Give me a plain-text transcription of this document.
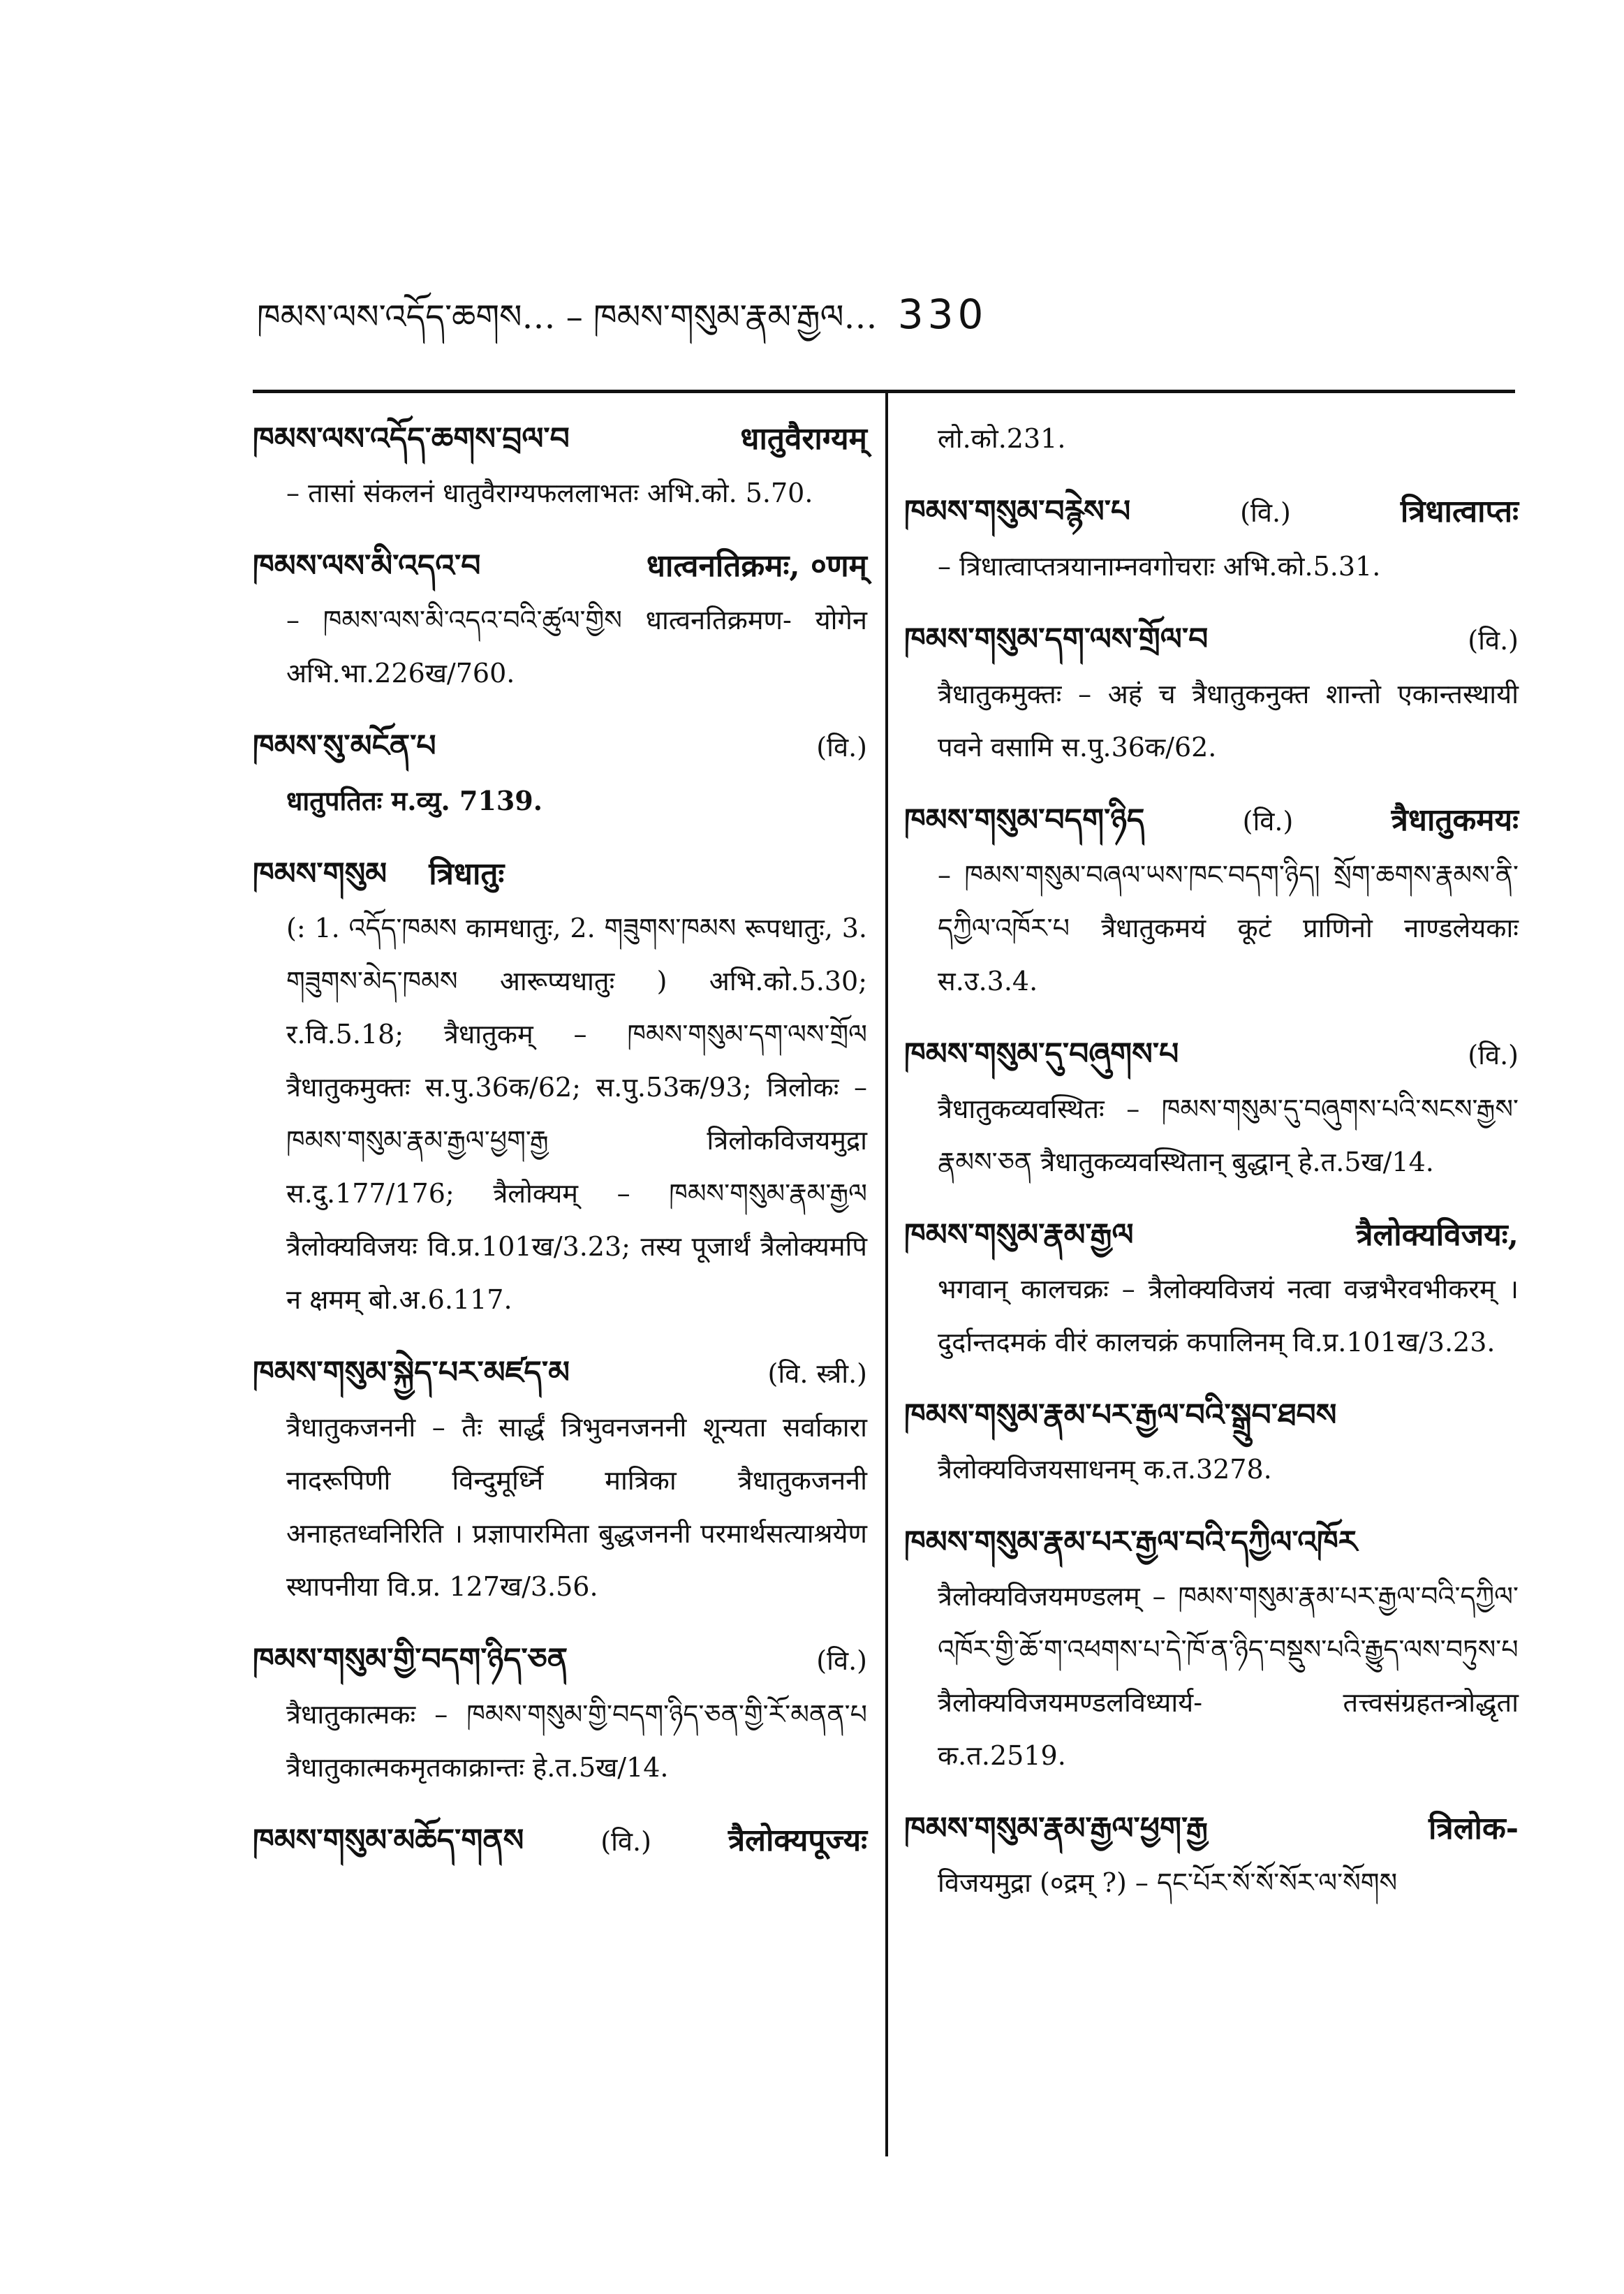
ཁམས་ལས་འདོད་ཆགས… – ཁམས་གསུམ་རྣམ་རྒྱལ… 330
ཁམས་ལས་འདོད་ཆགས་བྲལ་བ	धातुवैराग्यम्
– तासां संकलनं धातुवैराग्यफललाभतः अभि.को. 5.70.
ཁམས་ལས་མི་འདའ་བ	धात्वनतिक्रमः, ०णम्
– ཁམས་ལས་མི་འདའ་བའི་ཚུལ་གྱིས धात्वनतिक्रमण- योगेन अभि.भा.226ख/760.
ཁམས་སུ་མངོན་པ	(वि.)
धातुपतितः म.व्यु. 7139.
ཁམས་གསུམ त्रिधातुः
(: 1. འདོད་ཁམས कामधातुः, 2. གཟུགས་ཁམས रूपधातुः, 3. གཟུགས་མེད་ཁམས आरूप्यधातुः ) अभि.को.5.30; र.वि.5.18; त्रैधातुकम् – ཁམས་གསུམ་དག་ལས་གྲོལ त्रैधातुकमुक्तः स.पु.36क/62; स.पु.53क/93; त्रिलोकः – ཁམས་གསུམ་རྣམ་རྒྱལ་ཕྱག་རྒྱ त्रिलोकविजयमुद्रा स.दु.177/176; त्रैलोक्यम् – ཁམས་གསུམ་རྣམ་རྒྱལ त्रैलोक्यविजयः वि.प्र.101ख/3.23; तस्य पूजार्थं त्रैलोक्यमपि न क्षमम् बो.अ.6.117.
ཁམས་གསུམ་སྐྱེད་པར་མཛད་མ	(वि. स्त्री.)
त्रैधातुकजननी – तैः सार्द्धं त्रिभुवनजननी शून्यता सर्वाकारा नादरूपिणी विन्दुमूर्ध्नि मात्रिका त्रैधातुकजननी अनाहतध्वनिरिति । प्रज्ञापारमिता बुद्धजननी परमार्थसत्याश्रयेण स्थापनीया वि.प्र. 127ख/3.56.
ཁམས་གསུམ་གྱི་བདག་ཉིད་ཅན	(वि.)
त्रैधातुकात्मकः – ཁམས་གསུམ་གྱི་བདག་ཉིད་ཅན་གྱི་རོ་མནན་པ त्रैधातुकात्मकमृतकाक्रान्तः हे.त.5ख/14.
ཁམས་གསུམ་མཆོད་གནས	(वि.) त्रैलोक्यपूज्यः
लो.को.231.
ཁམས་གསུམ་བརྙེས་པ	(वि.)	त्रिधात्वाप्तः
– त्रिधात्वाप्तत्रयानाम्नवगोचराः अभि.को.5.31.
ཁམས་གསུམ་དག་ལས་གྲོལ་བ	(वि.)
त्रैधातुकमुक्तः – अहं च त्रैधातुकनुक्त शान्तो एकान्तस्थायी पवने वसामि स.पु.36क/62.
ཁམས་གསུམ་བདག་ཉིད	(वि.)	त्रैधातुकमयः
– ཁམས་གསུམ་བཞལ་ཡས་ཁང་བདག་ཉིད། སྲོག་ཆགས་རྣམས་ནི་དཀྱིལ་འཁོར་པ त्रैधातुकमयं कूटं प्राणिनो नाण्डलेयकाः स.उ.3.4.
ཁམས་གསུམ་དུ་བཞུགས་པ	(वि.)
त्रैधातुकव्यवस्थितः – ཁམས་གསུམ་དུ་བཞུགས་པའི་སངས་རྒྱས་རྣམས་ཅན त्रैधातुकव्यवस्थितान् बुद्धान् हे.त.5ख/14.
ཁམས་གསུམ་རྣམ་རྒྱལ	त्रैलोक्यविजयः,
भगवान् कालचक्रः – त्रैलोक्यविजयं नत्वा वज्रभैरवभीकरम् । दुर्दान्तदमकं वीरं कालचक्रं कपालिनम् वि.प्र.101ख/3.23.
ཁམས་གསུམ་རྣམ་པར་རྒྱལ་བའི་སྒྲུབ་ཐབས
त्रैलोक्यविजयसाधनम् क.त.3278.
ཁམས་གསུམ་རྣམ་པར་རྒྱལ་བའི་དཀྱིལ་འཁོར
त्रैलोक्यविजयमण्डलम् – ཁམས་གསུམ་རྣམ་པར་རྒྱལ་བའི་དཀྱིལ་འཁོར་གྱི་ཆོ་ག་འཕགས་པ་དེ་ཁོ་ན་ཉིད་བསྡུས་པའི་རྒྱུད་ལས་བཏུས་པ त्रैलोक्यविजयमण्डलविध्यार्य- तत्त्वसंग्रहतन्त्रोद्धृता क.त.2519.
ཁམས་གསུམ་རྣམ་རྒྱལ་ཕྱག་རྒྱ	त्रिलोक-
विजयमुद्रा (०द्रम् ?) – དང་པོར་སོ་སོ་སོར་ལ་སོགས
